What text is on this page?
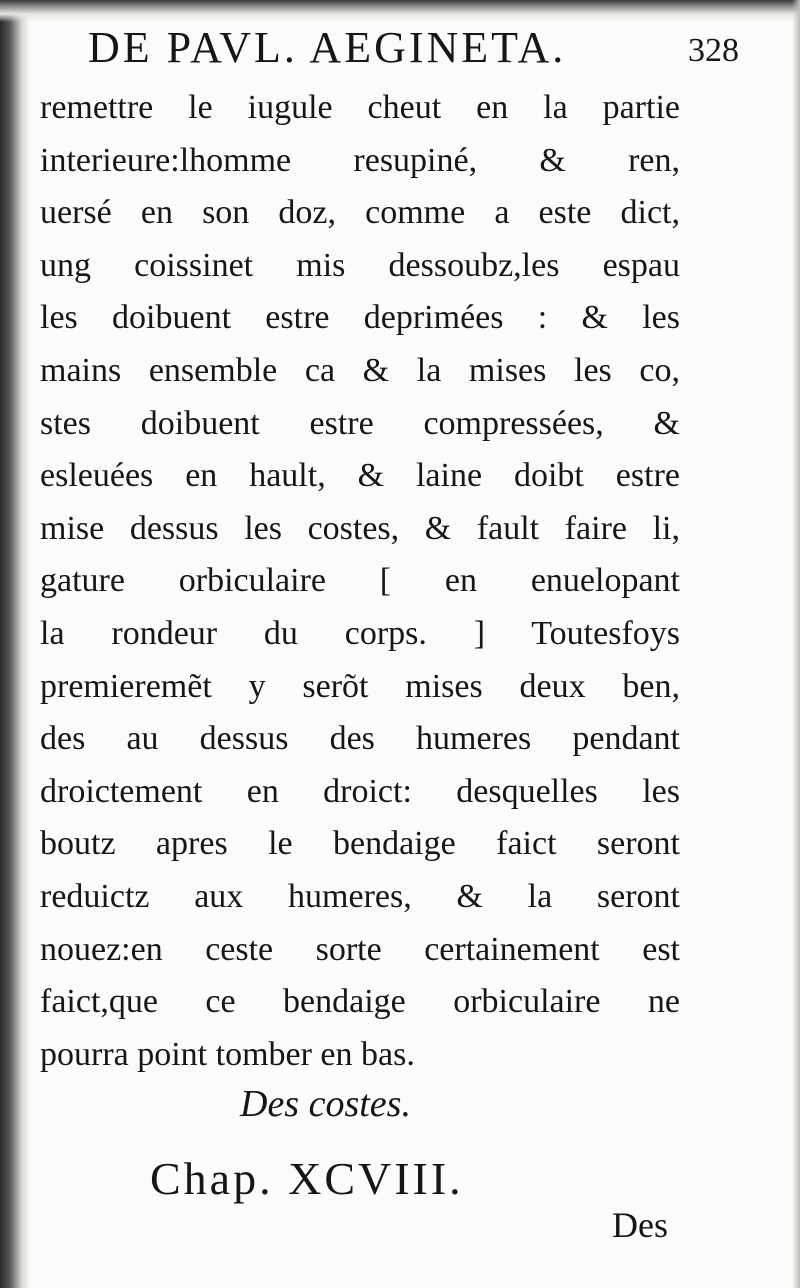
DE PAVL. AEGINETA.	328
remettre le iugule cheut en la partie
interieure:lhomme resupiné, & ren,
uersé en son doz, comme a este dict,
ung coissinet mis dessoubz,les espau
les doibuent estre deprimées : & les
mains ensemble ca & la mises les co,
stes doibuent estre compressées, &
esleuées en hault, & laine doibt estre
mise dessus les costes, & fault faire li,
gature orbiculaire [ en enuelopant
la rondeur du corps. ] Toutesfoys
premieremẽt y serõt mises deux ben,
des au dessus des humeres pendant
droictement en droict: desquelles les
boutz apres le bendaige faict seront
reduictz aux humeres, & la seront
nouez:en ceste sorte certainement est
faict,que ce bendaige orbiculaire ne
pourra point tomber en bas.
Des costes.
Chap. XCVIII.
Des
